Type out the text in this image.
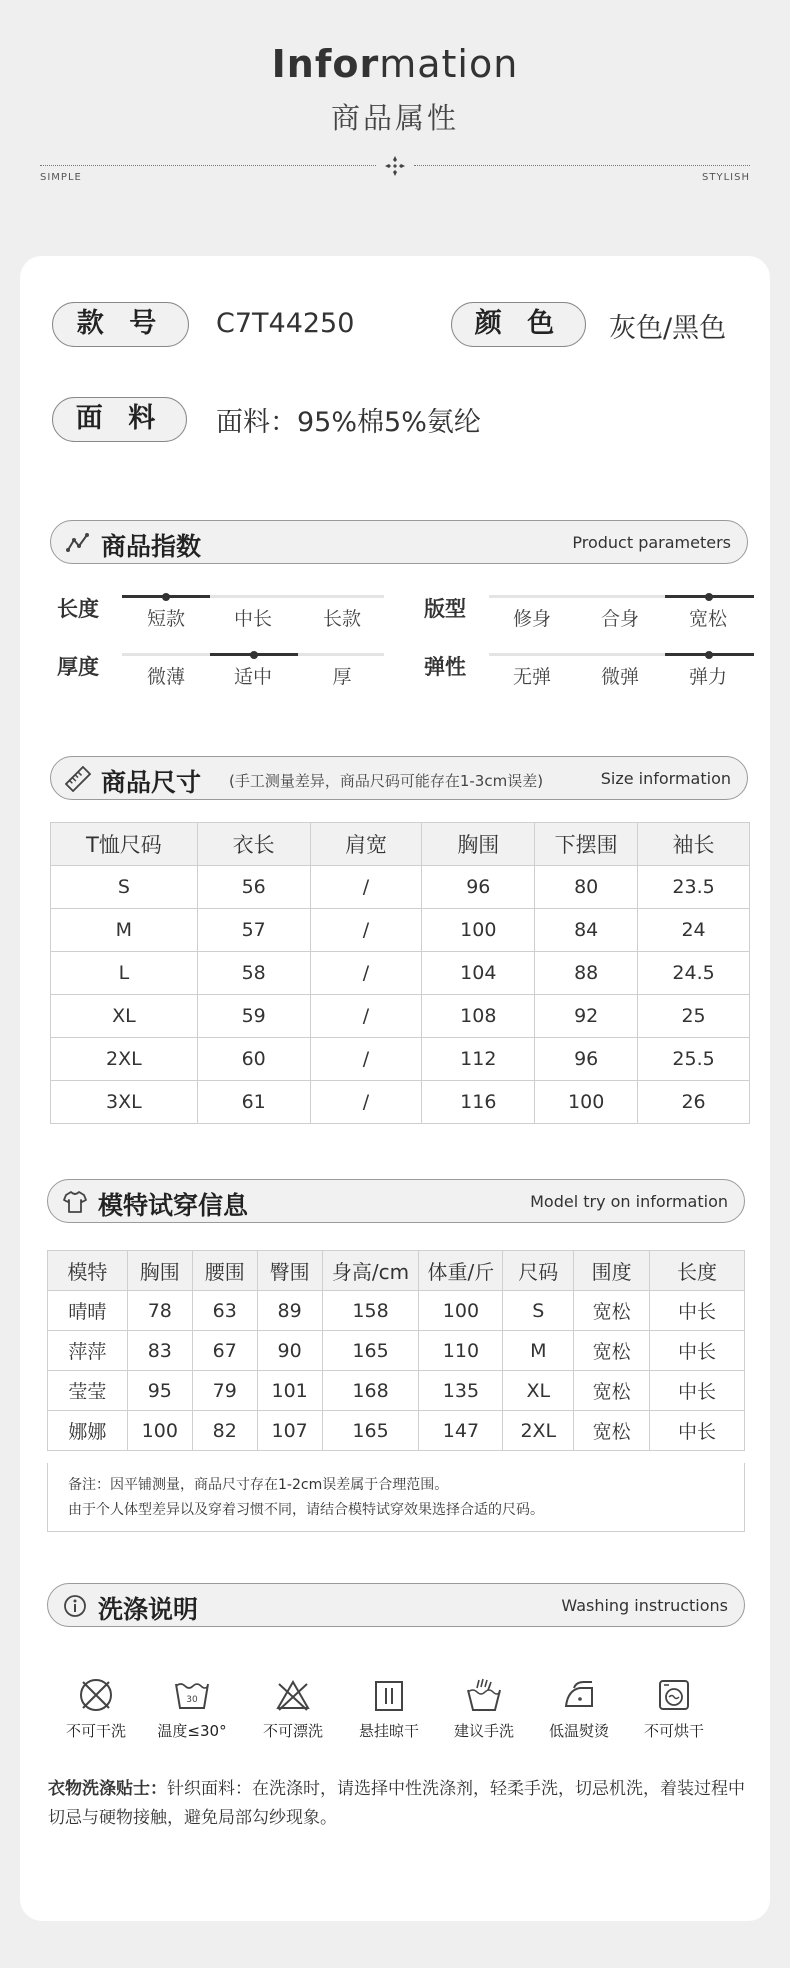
Information
商品属性
SIMPLE	STYLISH
款 号	C7T44250	颜 色	灰色/黑色
面 料	面料：95%棉5%氨纶
商品指数	Product parameters
长度	短款	中长	长款	版型	修身	合身	宽松
厚度	微薄	适中	厚	弹性	无弹	微弹	弹力
商品尺寸 (手工测量差异，商品尺码可能存在1-3cm误差)	Size information
T恤尺码	衣长	肩宽	胸围	下摆围	袖长
S	56	/	96	80	23.5
M	57	/	100	84	24
L	58	/	104	88	24.5
XL	59	/	108	92	25
2XL	60	/	112	96	25.5
3XL	61	/	116	100	26
模特试穿信息	Model try on information
模特	胸围	腰围	臀围	身高/cm	体重/斤	尺码	围度	长度
晴晴	78	63	89	158	100	S	宽松	中长
萍萍	83	67	90	165	110	M	宽松	中长
莹莹	95	79	101	168	135	XL	宽松	中长
娜娜	100	82	107	165	147	2XL	宽松	中长
备注：因平铺测量，商品尺寸存在1-2cm误差属于合理范围。
由于个人体型差异以及穿着习惯不同，请结合模特试穿效果选择合适的尺码。
洗涤说明	Washing instructions
不可干洗
30
温度≤30°	不可漂洗	悬挂晾干	建议手洗	低温熨烫	不可烘干
衣物洗涤贴士：针织面料：在洗涤时，请选择中性洗涤剂，轻柔手洗，切忌机洗，着装过程中切忌与硬物接触，避免局部勾纱现象。
